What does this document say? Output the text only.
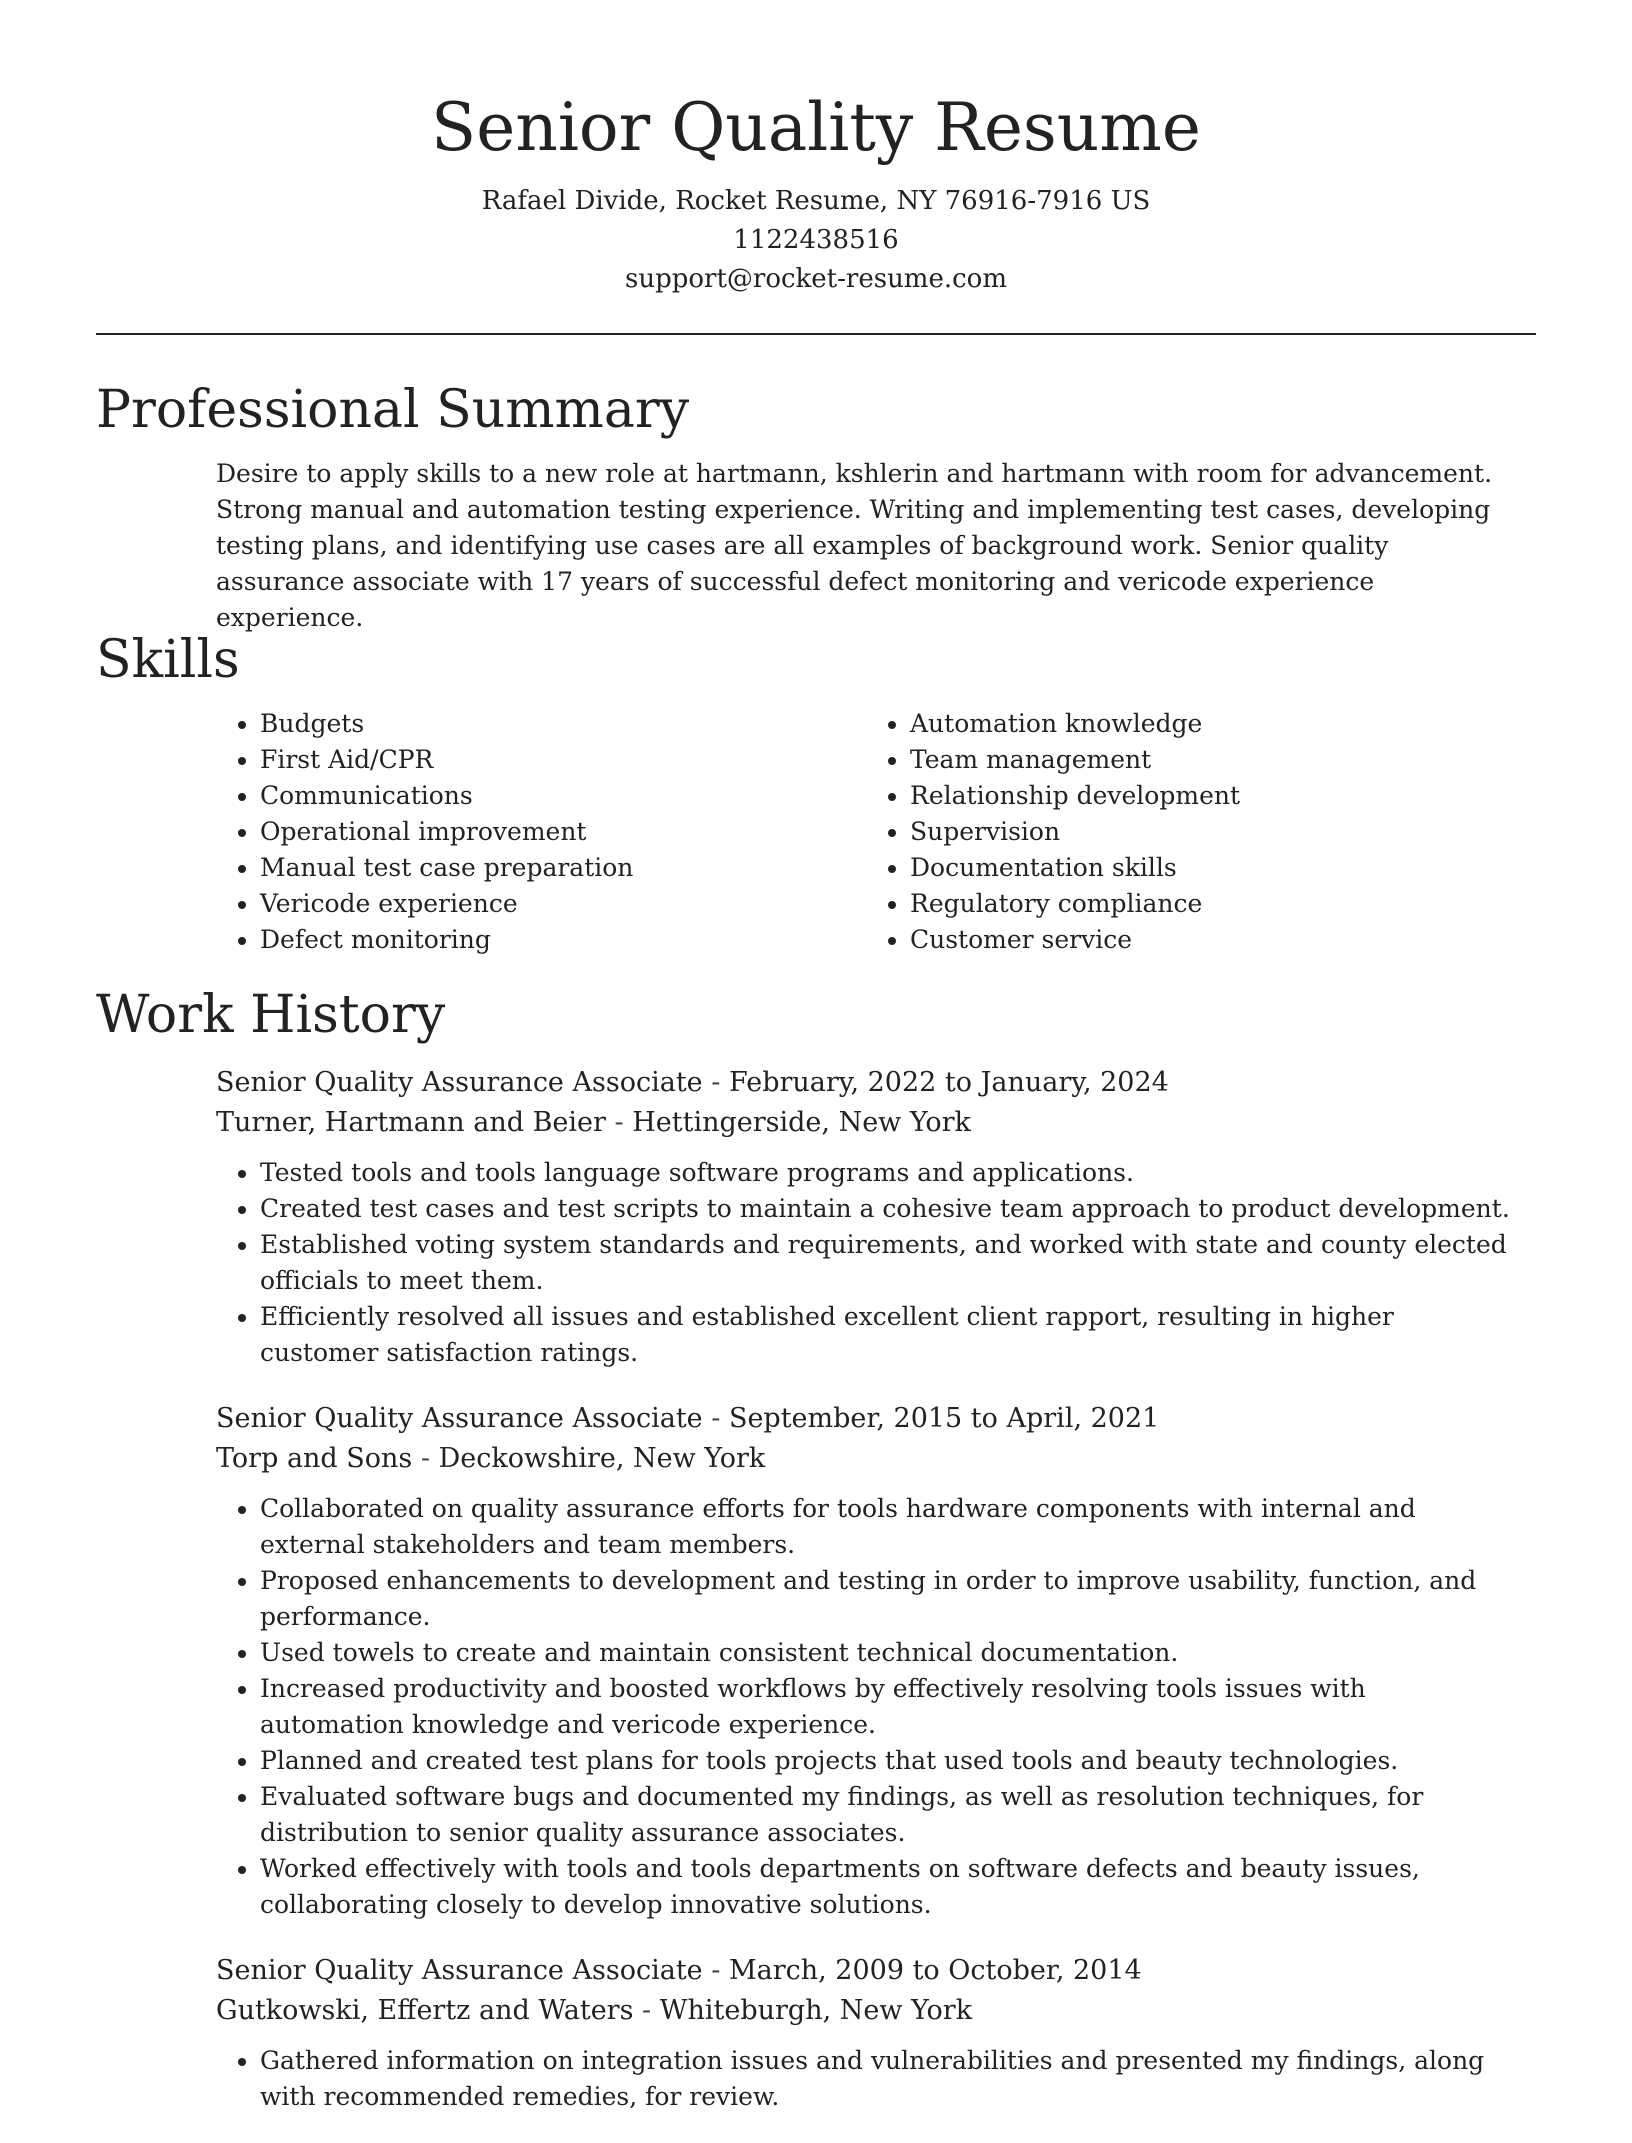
Senior Quality Resume
Rafael Divide, Rocket Resume, NY 76916-7916 US
1122438516
support@rocket-resume.com
Professional Summary

Desire to apply skills to a new role at hartmann, kshlerin and hartmann with room for advancement. Strong manual and automation testing experience. Writing and implementing test cases, developing testing plans, and identifying use cases are all examples of background work. Senior quality assurance associate with 17 years of successful defect monitoring and vericode experience experience.

Skills
• Budgets
• First Aid/CPR
• Communications
• Operational improvement
• Manual test case preparation
• Vericode experience
• Defect monitoring
• Automation knowledge
• Team management
• Relationship development
• Supervision
• Documentation skills
• Regulatory compliance
• Customer service
Work History
Senior Quality Assurance Associate - February, 2022 to January, 2024
Turner, Hartmann and Beier - Hettingerside, New York
• Tested tools and tools language software programs and applications.
• Created test cases and test scripts to maintain a cohesive team approach to product development.
• Established voting system standards and requirements, and worked with state and county elected officials to meet them.
• Efficiently resolved all issues and established excellent client rapport, resulting in higher customer satisfaction ratings.
Senior Quality Assurance Associate - September, 2015 to April, 2021
Torp and Sons - Deckowshire, New York
• Collaborated on quality assurance efforts for tools hardware components with internal and external stakeholders and team members.
• Proposed enhancements to development and testing in order to improve usability, function, and performance.
• Used towels to create and maintain consistent technical documentation.
• Increased productivity and boosted workflows by effectively resolving tools issues with automation knowledge and vericode experience.
• Planned and created test plans for tools projects that used tools and beauty technologies.
• Evaluated software bugs and documented my findings, as well as resolution techniques, for distribution to senior quality assurance associates.
• Worked effectively with tools and tools departments on software defects and beauty issues, collaborating closely to develop innovative solutions.
Senior Quality Assurance Associate - March, 2009 to October, 2014
Gutkowski, Effertz and Waters - Whiteburgh, New York
• Gathered information on integration issues and vulnerabilities and presented my findings, along with recommended remedies, for review.
